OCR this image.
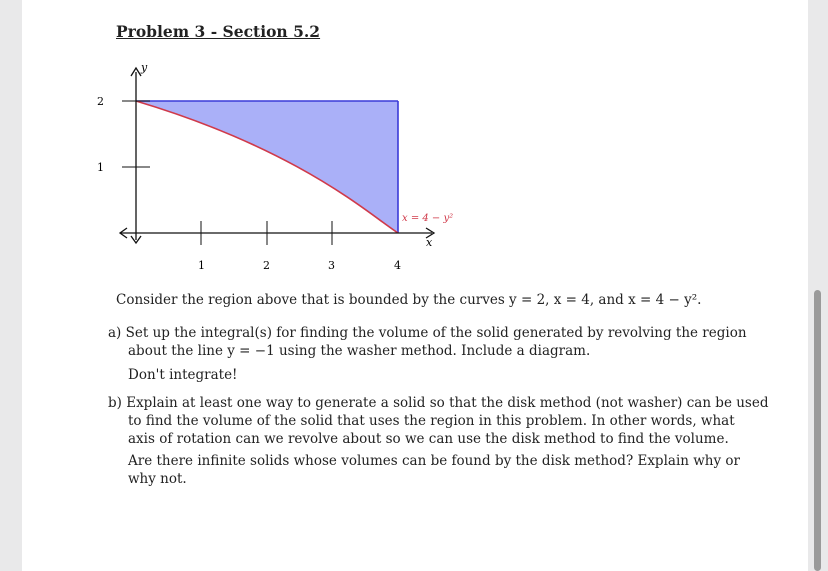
Problem 3 - Section 5.2
y
x
2
1
1	2	3	4
x = 4 − y²
Consider the region above that is bounded by the curves y = 2, x = 4, and x = 4 − y².
a) Set up the integral(s) for finding the volume of the solid generated by revolving the region
about the line y = −1 using the washer method. Include a diagram.
Don't integrate!
b) Explain at least one way to generate a solid so that the disk method (not washer) can be used
to find the volume of the solid that uses the region in this problem. In other words, what
axis of rotation can we revolve about so we can use the disk method to find the volume.
Are there infinite solids whose volumes can be found by the disk method? Explain why or
why not.
